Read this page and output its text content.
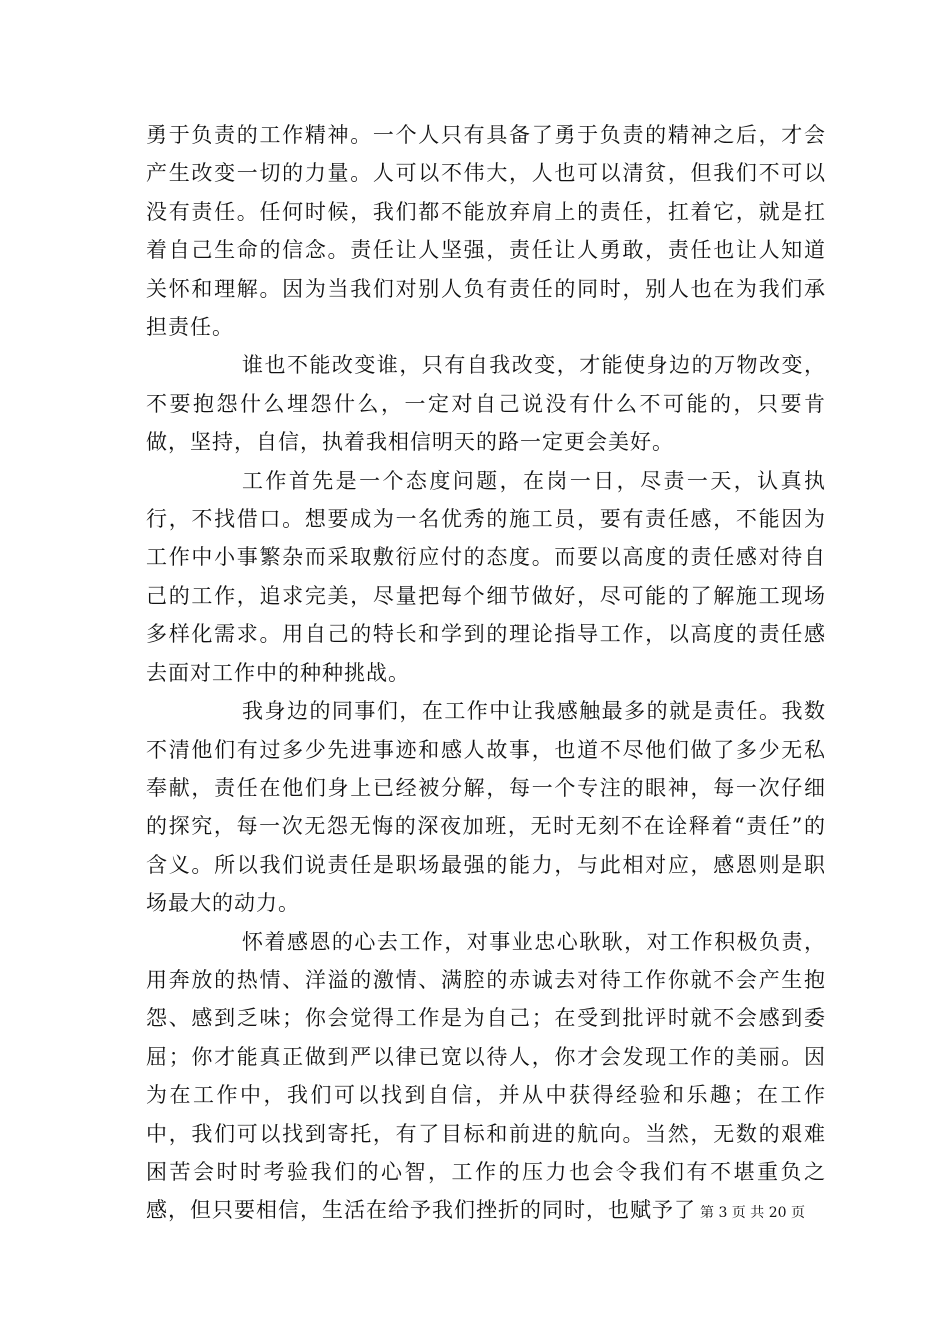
勇于负责的工作精神。一个人只有具备了勇于负责的精神之后，才会产生改变一切的力量。人可以不伟大，人也可以清贫，但我们不可以没有责任。任何时候，我们都不能放弃肩上的责任，扛着它，就是扛着自己生命的信念。责任让人坚强，责任让人勇敢，责任也让人知道关怀和理解。因为当我们对别人负有责任的同时，别人也在为我们承担责任。

谁也不能改变谁，只有自我改变，才能使身边的万物改变，不要抱怨什么埋怨什么，一定对自己说没有什么不可能的，只要肯做，坚持，自信，执着我相信明天的路一定更会美好。

工作首先是一个态度问题，在岗一日，尽责一天，认真执行，不找借口。想要成为一名优秀的施工员，要有责任感，不能因为工作中小事繁杂而采取敷衍应付的态度。而要以高度的责任感对待自己的工作，追求完美，尽量把每个细节做好，尽可能的了解施工现场多样化需求。用自己的特长和学到的理论指导工作，以高度的责任感去面对工作中的种种挑战。

我身边的同事们，在工作中让我感触最多的就是责任。我数不清他们有过多少先进事迹和感人故事，也道不尽他们做了多少无私奉献，责任在他们身上已经被分解，每一个专注的眼神，每一次仔细的探究，每一次无怨无悔的深夜加班，无时无刻不在诠释着“责任”的含义。所以我们说责任是职场最强的能力，与此相对应，感恩则是职场最大的动力。

怀着感恩的心去工作，对事业忠心耿耿，对工作积极负责，用奔放的热情、洋溢的激情、满腔的赤诚去对待工作你就不会产生抱怨、感到乏味；你会觉得工作是为自己；在受到批评时就不会感到委屈；你才能真正做到严以律已宽以待人，你才会发现工作的美丽。因为在工作中，我们可以找到自信，并从中获得经验和乐趣；在工作中，我们可以找到寄托，有了目标和前进的航向。当然，无数的艰难困苦会时时考验我们的心智，工作的压力也会令我们有不堪重负之感，但只要相信，生活在给予我们挫折的同时，也赋予了 第 3 页 共 20 页
